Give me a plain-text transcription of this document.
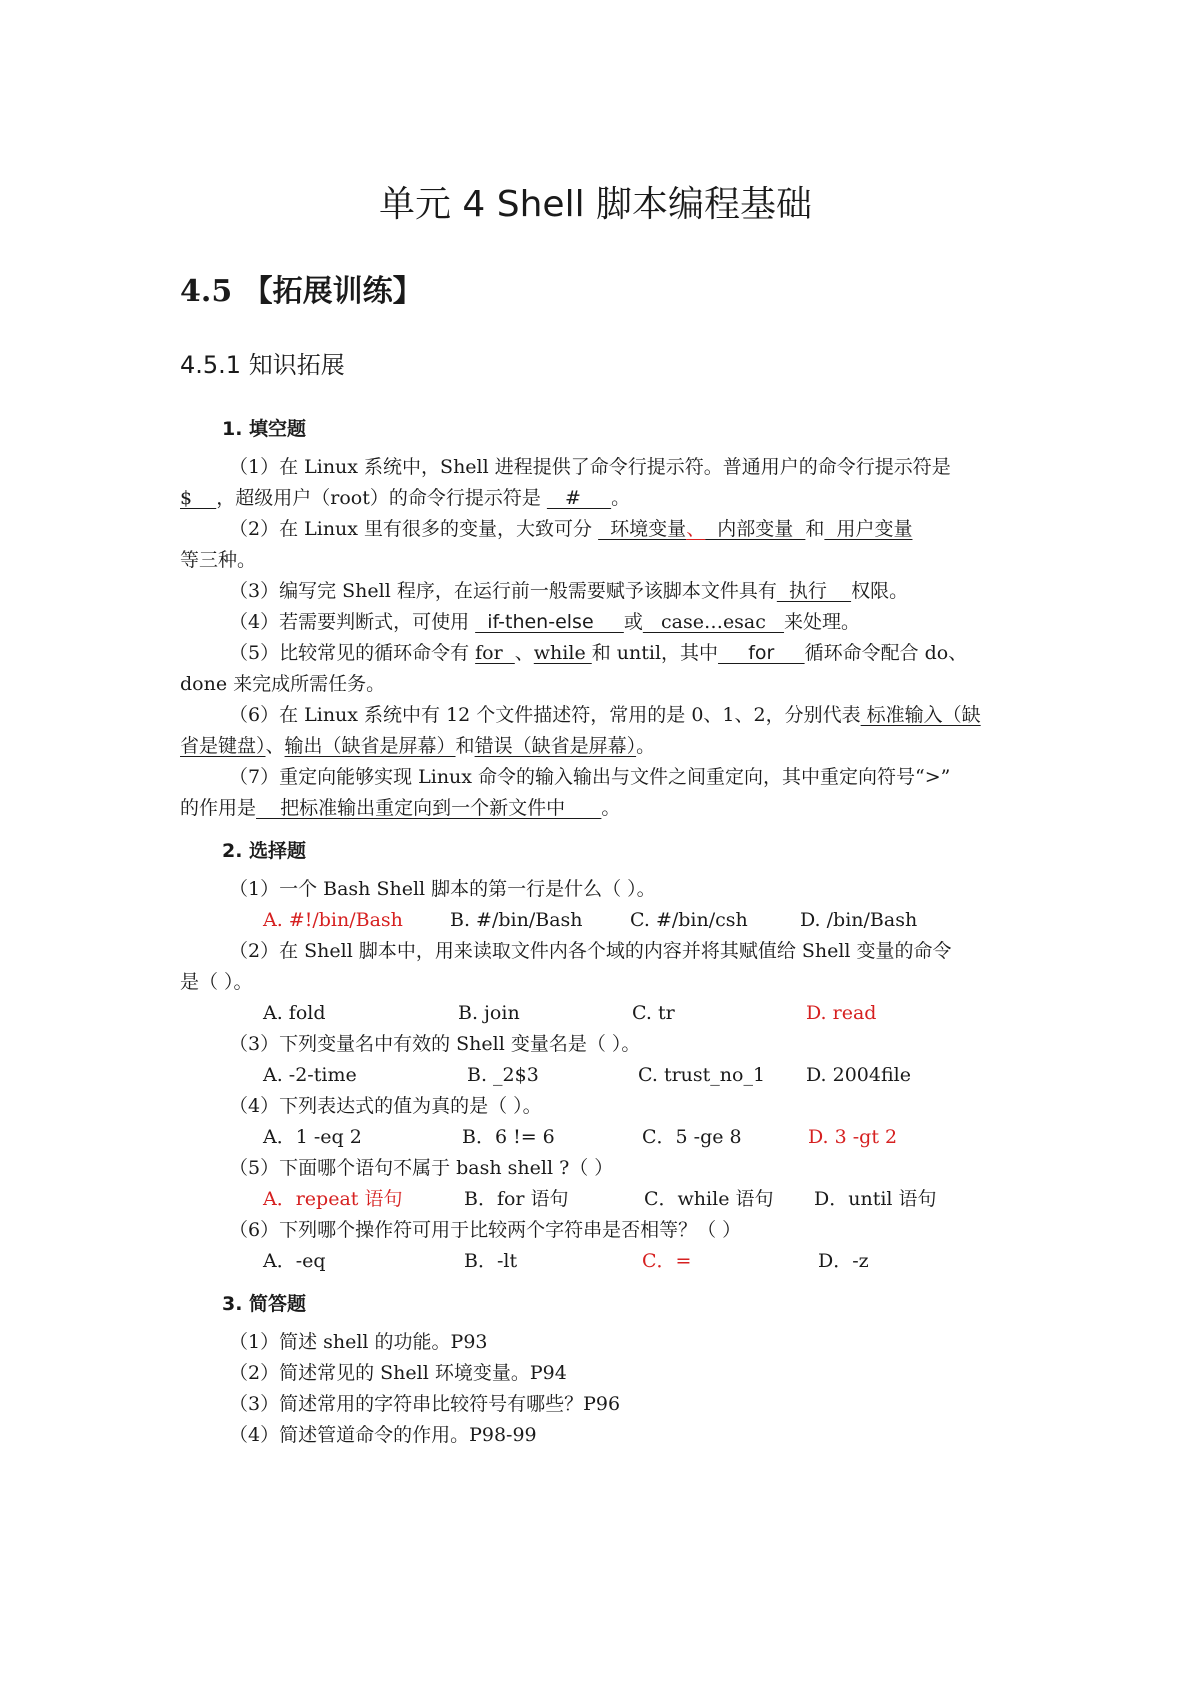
单元 4 Shell 脚本编程基础
4.5 【拓展训练】
4.5.1 知识拓展
1. 填空题
（1）在 Linux 系统中，Shell 进程提供了命令行提示符。普通用户的命令行提示符是
$    ，超级用户（root）的命令行提示符是    #     。
（2）在 Linux 里有很多的变量，大致可分   环境变量、  内部变量  和  用户变量
等三种。
（3）编写完 Shell 程序，在运行前一般需要赋予该脚本文件具有  执行    权限。
（4）若需要判断式，可使用   if-then-else     或   case…esac   来处理。
（5）比较常见的循环命令有 for  、while 和 until，其中     for     循环命令配合 do、
done 来完成所需任务。
（6）在 Linux 系统中有 12 个文件描述符，常用的是 0、1、2，分别代表 标准输入（缺
省是键盘）、输出（缺省是屏幕）和错误（缺省是屏幕）。
（7）重定向能够实现 Linux 命令的输入输出与文件之间重定向，其中重定向符号“>”
的作用是    把标准输出重定向到一个新文件中      。
2. 选择题
（1）一个 Bash Shell 脚本的第一行是什么（ ）。
A. #!/bin/Bash B. #/bin/Bash C. #/bin/csh	D. /bin/Bash
（2）在 Shell 脚本中，用来读取文件内各个域的内容并将其赋值给 Shell 变量的命令
是（ ）。
A. fold	B. join	C. tr	D. read
（3）下列变量名中有效的 Shell 变量名是（ ）。
A. -2-time	B. _2$3	C. trust_no_1 D. 2004file
（4）下列表达式的值为真的是（ ）。
A．1 -eq 2	B．6 != 6	C．5 -ge 8	D. 3 -gt 2
（5）下面哪个语句不属于 bash shell ?（ ）
A．repeat 语句	B．for 语句	C．while 语句 D．until 语句
（6）下列哪个操作符可用于比较两个字符串是否相等？（ ）
A．-eq	B．-lt	C．=	D．-z
3. 简答题
（1）简述 shell 的功能。P93
（2）简述常见的 Shell 环境变量。P94
（3）简述常用的字符串比较符号有哪些？P96
（4）简述管道命令的作用。P98-99
